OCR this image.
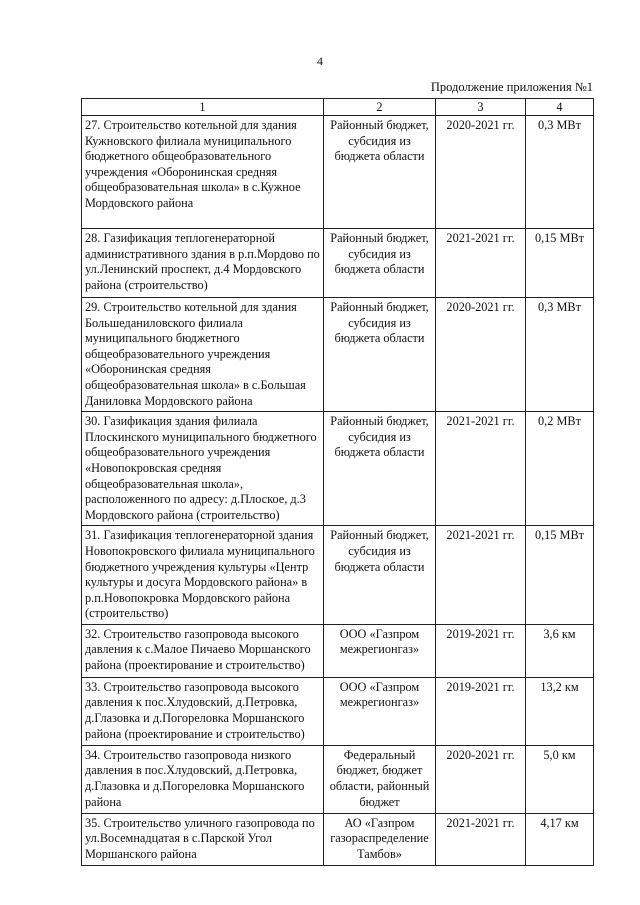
4
Продолжение приложения №1
1	2	3	4
27. Строительство котельной для здания Кужновского филиала муниципального бюджетного общеобразовательного учреждения «Оборонинская средняя общеобразовательная школа» в с.Кужное Мордовского района	Районный бюджет, субсидия из бюджета области	2020-2021 гг.	0,3 МВт
28. Газификация теплогенераторной административного здания в р.п.Мордово по ул.Ленинский проспект, д.4 Мордовского района (строительство)	Районный бюджет, субсидия из бюджета области	2021-2021 гг.	0,15 МВт
29. Строительство котельной для здания Большеданиловского филиала муниципального бюджетного общеобразовательного учреждения «Оборонинская средняя общеобразовательная школа» в с.Большая Даниловка Мордовского района	Районный бюджет, субсидия из бюджета области	2020-2021 гг.	0,3 МВт
30. Газификация здания филиала Плоскинского муниципального бюджетного общеобразовательного учреждения «Новопокровская средняя общеобразовательная школа», расположенного по адресу: д.Плоское, д.3 Мордовского района (строительство)	Районный бюджет, субсидия из бюджета области	2021-2021 гг.	0,2 МВт
31. Газификация теплогенераторной здания Новопокровского филиала муниципального бюджетного учреждения культуры «Центр культуры и досуга Мордовского района» в р.п.Новопокровка Мордовского района (строительство)	Районный бюджет, субсидия из бюджета области	2021-2021 гг.	0,15 МВт
32. Строительство газопровода высокого давления к с.Малое Пичаево Моршанского района (проектирование и строительство)	ООО «Газпром межрегионгаз»	2019-2021 гг.	3,6 км
33. Строительство газопровода высокого давления к пос.Хлудовский, д.Петровка, д.Глазовка и д.Погореловка Моршанского района (проектирование и строительство)	ООО «Газпром межрегионгаз»	2019-2021 гг.	13,2 км
34. Строительство газопровода низкого давления в пос.Хлудовский, д.Петровка, д.Глазовка и д.Погореловка Моршанского района	Федеральный бюджет, бюджет области, районный бюджет	2020-2021 гг.	5,0 км
35. Строительство уличного газопровода по ул.Восемнадцатая в с.Парской Угол Моршанского района	АО «Газпром газораспределение Тамбов»	2021-2021 гг.	4,17 км
